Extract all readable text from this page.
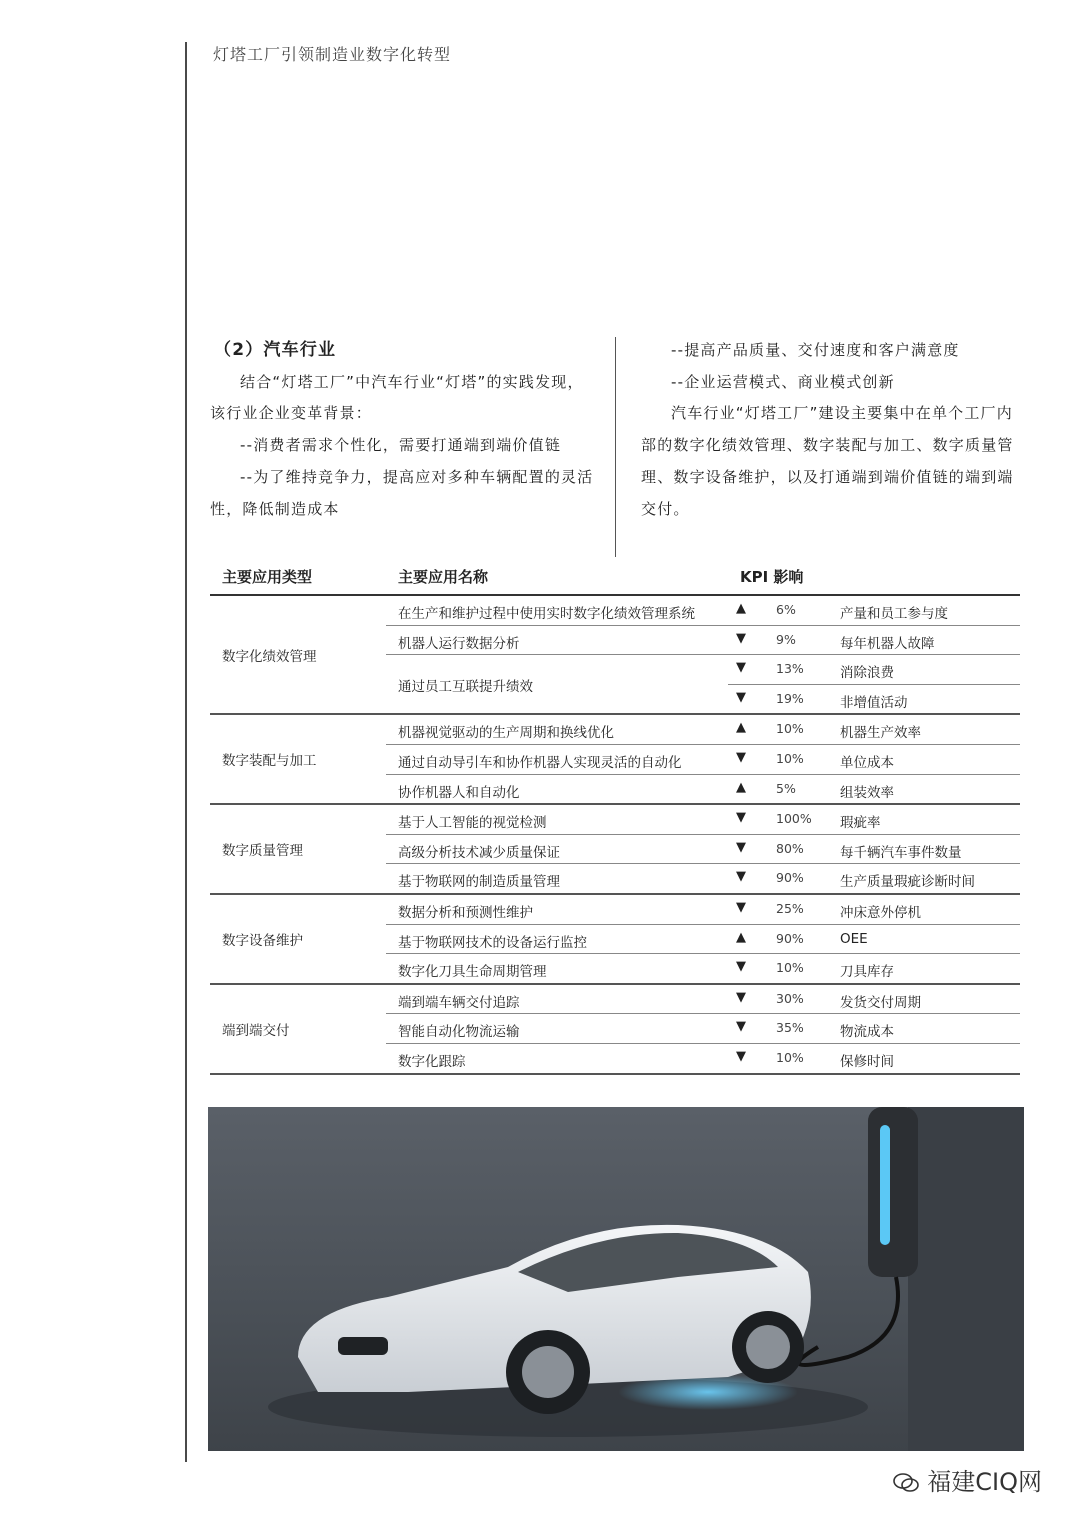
灯塔工厂引领制造业数字化转型

（2）汽车行业

结合“灯塔工厂”中汽车行业“灯塔”的实践发现，该行业企业变革背景：

--消费者需求个性化，需要打通端到端价值链

--为了维持竞争力，提高应对多种车辆配置的灵活性，降低制造成本

--提高产品质量、交付速度和客户满意度

--企业运营模式、商业模式创新

汽车行业“灯塔工厂”建设主要集中在单个工厂内部的数字化绩效管理、数字装配与加工、数字质量管理、数字设备维护，以及打通端到端价值链的端到端交付。

主要应用类型	主要应用名称	KPI 影响
数字化绩效管理
在生产和维护过程中使用实时数字化绩效管理系统	▲ 6%	产量和员工参与度
机器人运行数据分析	▼ 9%	每年机器人故障
通过员工互联提升绩效
▼ 13%	消除浪费
▼ 19%	非增值活动
数字装配与加工
机器视觉驱动的生产周期和换线优化	▲ 10%	机器生产效率
通过自动导引车和协作机器人实现灵活的自动化	▼ 10%	单位成本
协作机器人和自动化	▲ 5%	组装效率
数字质量管理
基于人工智能的视觉检测	▼ 100% 瑕疵率
高级分析技术减少质量保证	▼ 80%	每千辆汽车事件数量
基于物联网的制造质量管理	▼ 90%	生产质量瑕疵诊断时间
数字设备维护
数据分析和预测性维护	▼ 25%	冲床意外停机
基于物联网技术的设备运行监控	▲ 90%	OEE
数字化刀具生命周期管理	▼ 10%	刀具库存
端到端交付
端到端车辆交付追踪	▼ 30%	发货交付周期
智能自动化物流运输	▼ 35%	物流成本
数字化跟踪	▼ 10%	保修时间
福建CIQ网
